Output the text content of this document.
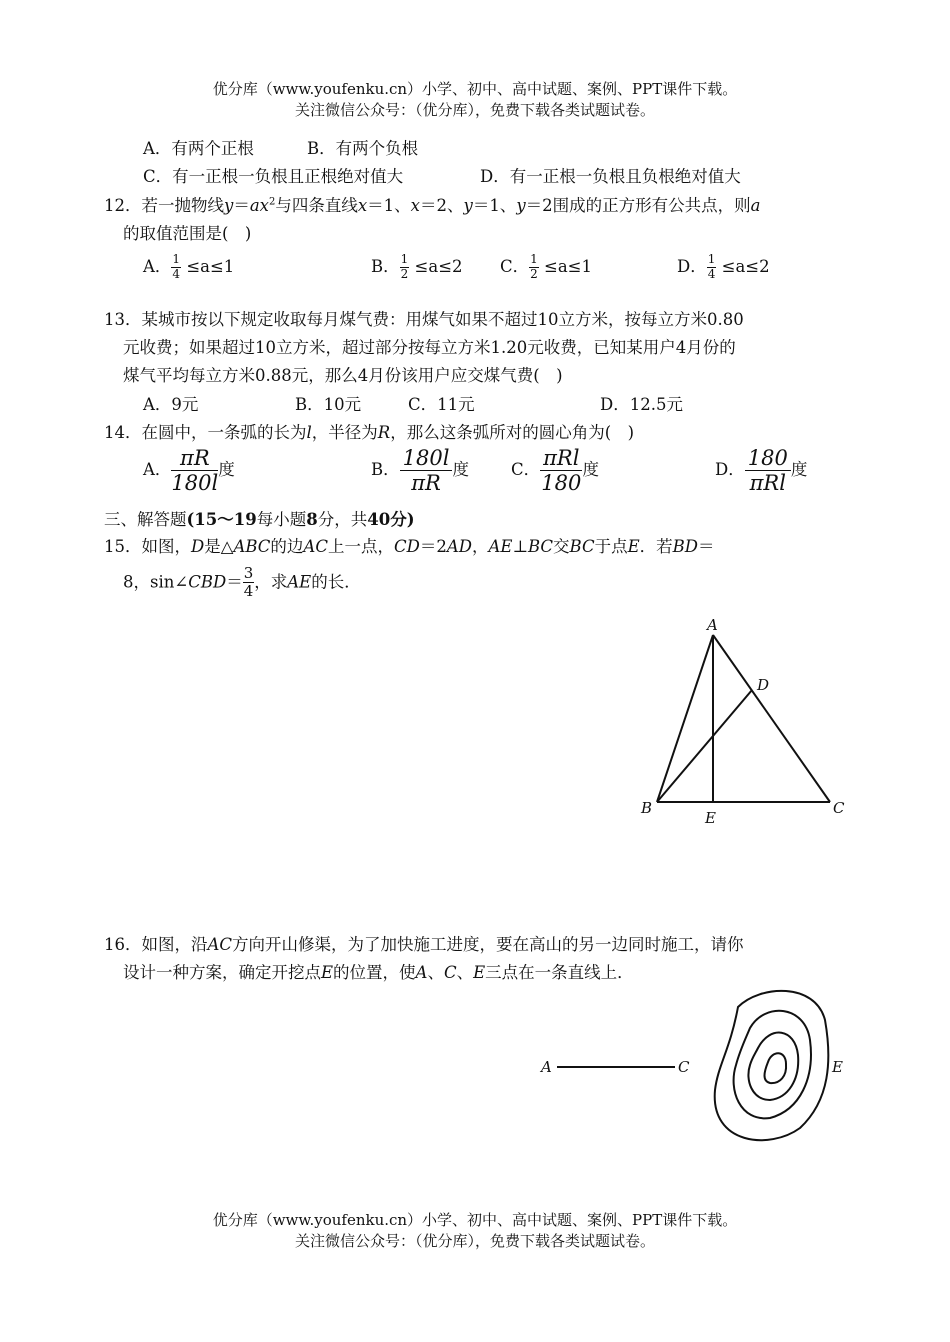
优分库（www.youfenku.cn）小学、初中、高中试题、案例、PPT课件下载。
关注微信公众号：（优分库），免费下载各类试题试卷。
A．有两个正根	B．有两个负根
C．有一正根一负根且正根绝对值大	D．有一正根一负根且负根绝对值大
12．若一抛物线$y=ax^2$与四条直线x＝1、x＝2、y＝1、y＝2围成的正方形有公共点，则a
的取值范围是(　)
A． $\frac{1}{4} \le a\le 1$	B． $\frac{1}{2} \le a\le 2$ C． $\frac{1}{2} \le a\le 1$	D． $\frac{1}{4} \le a\le 2$
13．某城市按以下规定收取每月煤气费：用煤气如果不超过10立方米，按每立方米0.80
元收费；如果超过10立方米，超过部分按每立方米1.20元收费，已知某用户4月份的
煤气平均每立方米0.88元，那么4月份该用户应交煤气费(　)
A．9元	B．10元	C．11元	D．12.5元
14．在圆中，一条弧的长为l，半径为R，那么这条弧所对的圆心角为(　)
A． $\frac{\pi R}{180l}$ 度	B． $\frac{180l}{\pi R}$ 度	C． $\frac{\text{πRl}}{180}$ 度	D． $\frac{180}{\text{πRl}}$ 度
三、解答题(15～19每小题8分，共40分)
15．如图，D是△ABC的边AC上一点，CD＝2AD，AE⊥BC交BC于点E．若BD＝
8，sin∠CBD＝ $\frac{3}{4}$ ，求AE的长．
A
B	C
D
E
16．如图，沿AC方向开山修渠，为了加快施工进度，要在高山的另一边同时施工，请你
设计一种方案，确定开挖点E的位置，使A、C、E三点在一条直线上．
A	C	E
优分库（www.youfenku.cn）小学、初中、高中试题、案例、PPT课件下载。
关注微信公众号：（优分库），免费下载各类试题试卷。
